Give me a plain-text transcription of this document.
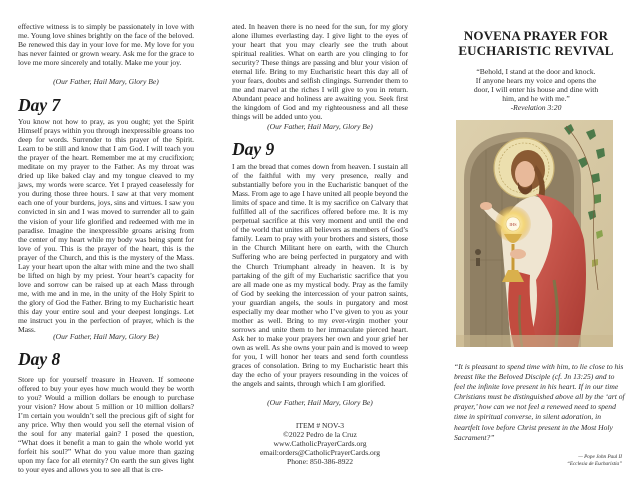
effective witness is to simply be passionately in love with me. Young love shines brightly on the face of the beloved. Be renewed this day in your love for me. My love for you has never fainted or grown weary. Ask me for the grace to love me more sincerely and totally. Make me your joy.

(Our Father, Hail Mary, Glory Be)

Day 7

You know not how to pray, as you ought; yet the Spirit Himself prays within you through inexpressible groans too deep for words. Surrender to this prayer of the Spirit. Learn to be still and know that I am God. I will teach you the prayer of the heart. Remember me at my crucifixion; meditate on my prayer to the Father. As my throat was dried up like baked clay and my tongue cleaved to my jaws, my words were scarce. Yet I prayed ceaselessly for you during those three hours. I saw at that very moment each one of your burdens, joys, sins and virtues. I saw you convicted in sin and I was moved to surrender all to gain the vision of your life glorified and redeemed with me in paradise. Imagine the inexpressible groans arising from the center of my heart while my body was being spent for love of you. This is the prayer of the heart, this is the prayer of the Church, and this is the mystery of the Mass. Lay your heart upon the altar with mine and the two shall be lifted on high by my priest. Your heart’s capacity for love and sorrow can be raised up at each Mass through me, with me and in me, in the unity of the Holy Spirit to the glory of God the Father. Bring to my Eucharistic heart this day your entire soul and your deepest longings. Let me instruct you in the perfection of prayer, which is the Mass.

(Our Father, Hail Mary, Glory Be)

Day 8

Store up for yourself treasure in Heaven. If someone offered to buy your eyes how much would they be worth to you? Would a million dollars be enough to purchase your vision? How about 5 million or 10 million dollars? I’m certain you wouldn’t sell the precious gift of sight for any price. Why then would you sell the eternal vision of the soul for any material gain? I posed the question, “What does it benefit a man to gain the whole world yet forfeit his soul?” What do you value more than gazing upon my face for all eternity? On earth the sun gives light to your eyes and allows you to see all that is cre-

ated. In heaven there is no need for the sun, for my glory alone illumes everlasting day. I give light to the eyes of your heart that you may clearly see the truth about spiritual realities. What on earth are you clinging to for security? These things are passing and blur your vision of eternal life. Bring to my Eucharistic heart this day all of your fears, doubts and selfish clingings. Surrender them to me and marvel at the riches I will give to you in return. Abundant peace and holiness are awaiting you. Seek first the kingdom of God and my righteousness and all these things will be added unto you.

(Our Father, Hail Mary, Glory Be)

Day 9

I am the bread that comes down from heaven. I sustain all of the faithful with my very presence, really and substantially before you in the Eucharistic banquet of the Mass. From age to age I have united all people beyond the limits of space and time. It is my sacrifice on Calvary that fulfilled all of the sacrifices offered before me. It is my perpetual sacrifice at this very moment and until the end of the world that unites all believers as members of God’s family. Learn to pray with your brothers and sisters, those in the Church Militant here on earth, with the Church Suffering who are being perfected in purgatory and with the Church Triumphant already in heaven. It is by partaking of the gift of my Eucharistic sacrifice that you are all made one as my mystical body. Pray as the family of God by seeking the intercession of your patron saints, your guardian angels, the souls in purgatory and most especially my dear mother who I’ve given to you as your mother as well. Bring to my ever-virgin mother your sorrows and unite them to her immaculate pierced heart. Ask her to make your prayers her own and your grief her own as well. As she owns your pain and is moved to weep for you, I will honor her tears and send forth countless graces of consolation. Bring to my Eucharistic heart this day the echo of your prayers resounding in the voices of the angels and saints, through which I am glorified.

(Our Father, Hail Mary, Glory Be)

ITEM # NOV-3
©2022 Pedro de la Cruz
www.CatholicPrayerCards.org
email:orders@CatholicPrayerCards.org
Phone: 850-386-8922
NOVENA PRAYER FOR
EUCHARISTIC REVIVAL
“Behold, I stand at the door and knock.
If anyone hears my voice and opens the
door, I will enter his house and dine with
him, and he with me.”
-Revelation 3:20
IHS

“It is pleasant to spend time with him, to lie close to his breast like the Beloved Disciple (cf. Jn 13:25) and to feel the infinite love present in his heart. If in our time Christians must be distinguished above all by the ‘art of prayer,’ how can we not feel a renewed need to spend time in spiritual converse, in silent adoration, in heartfelt love before Christ present in the Most Holy Sacrament?”

— Pope John Paul II
“Ecclesia de Eucharistia”
